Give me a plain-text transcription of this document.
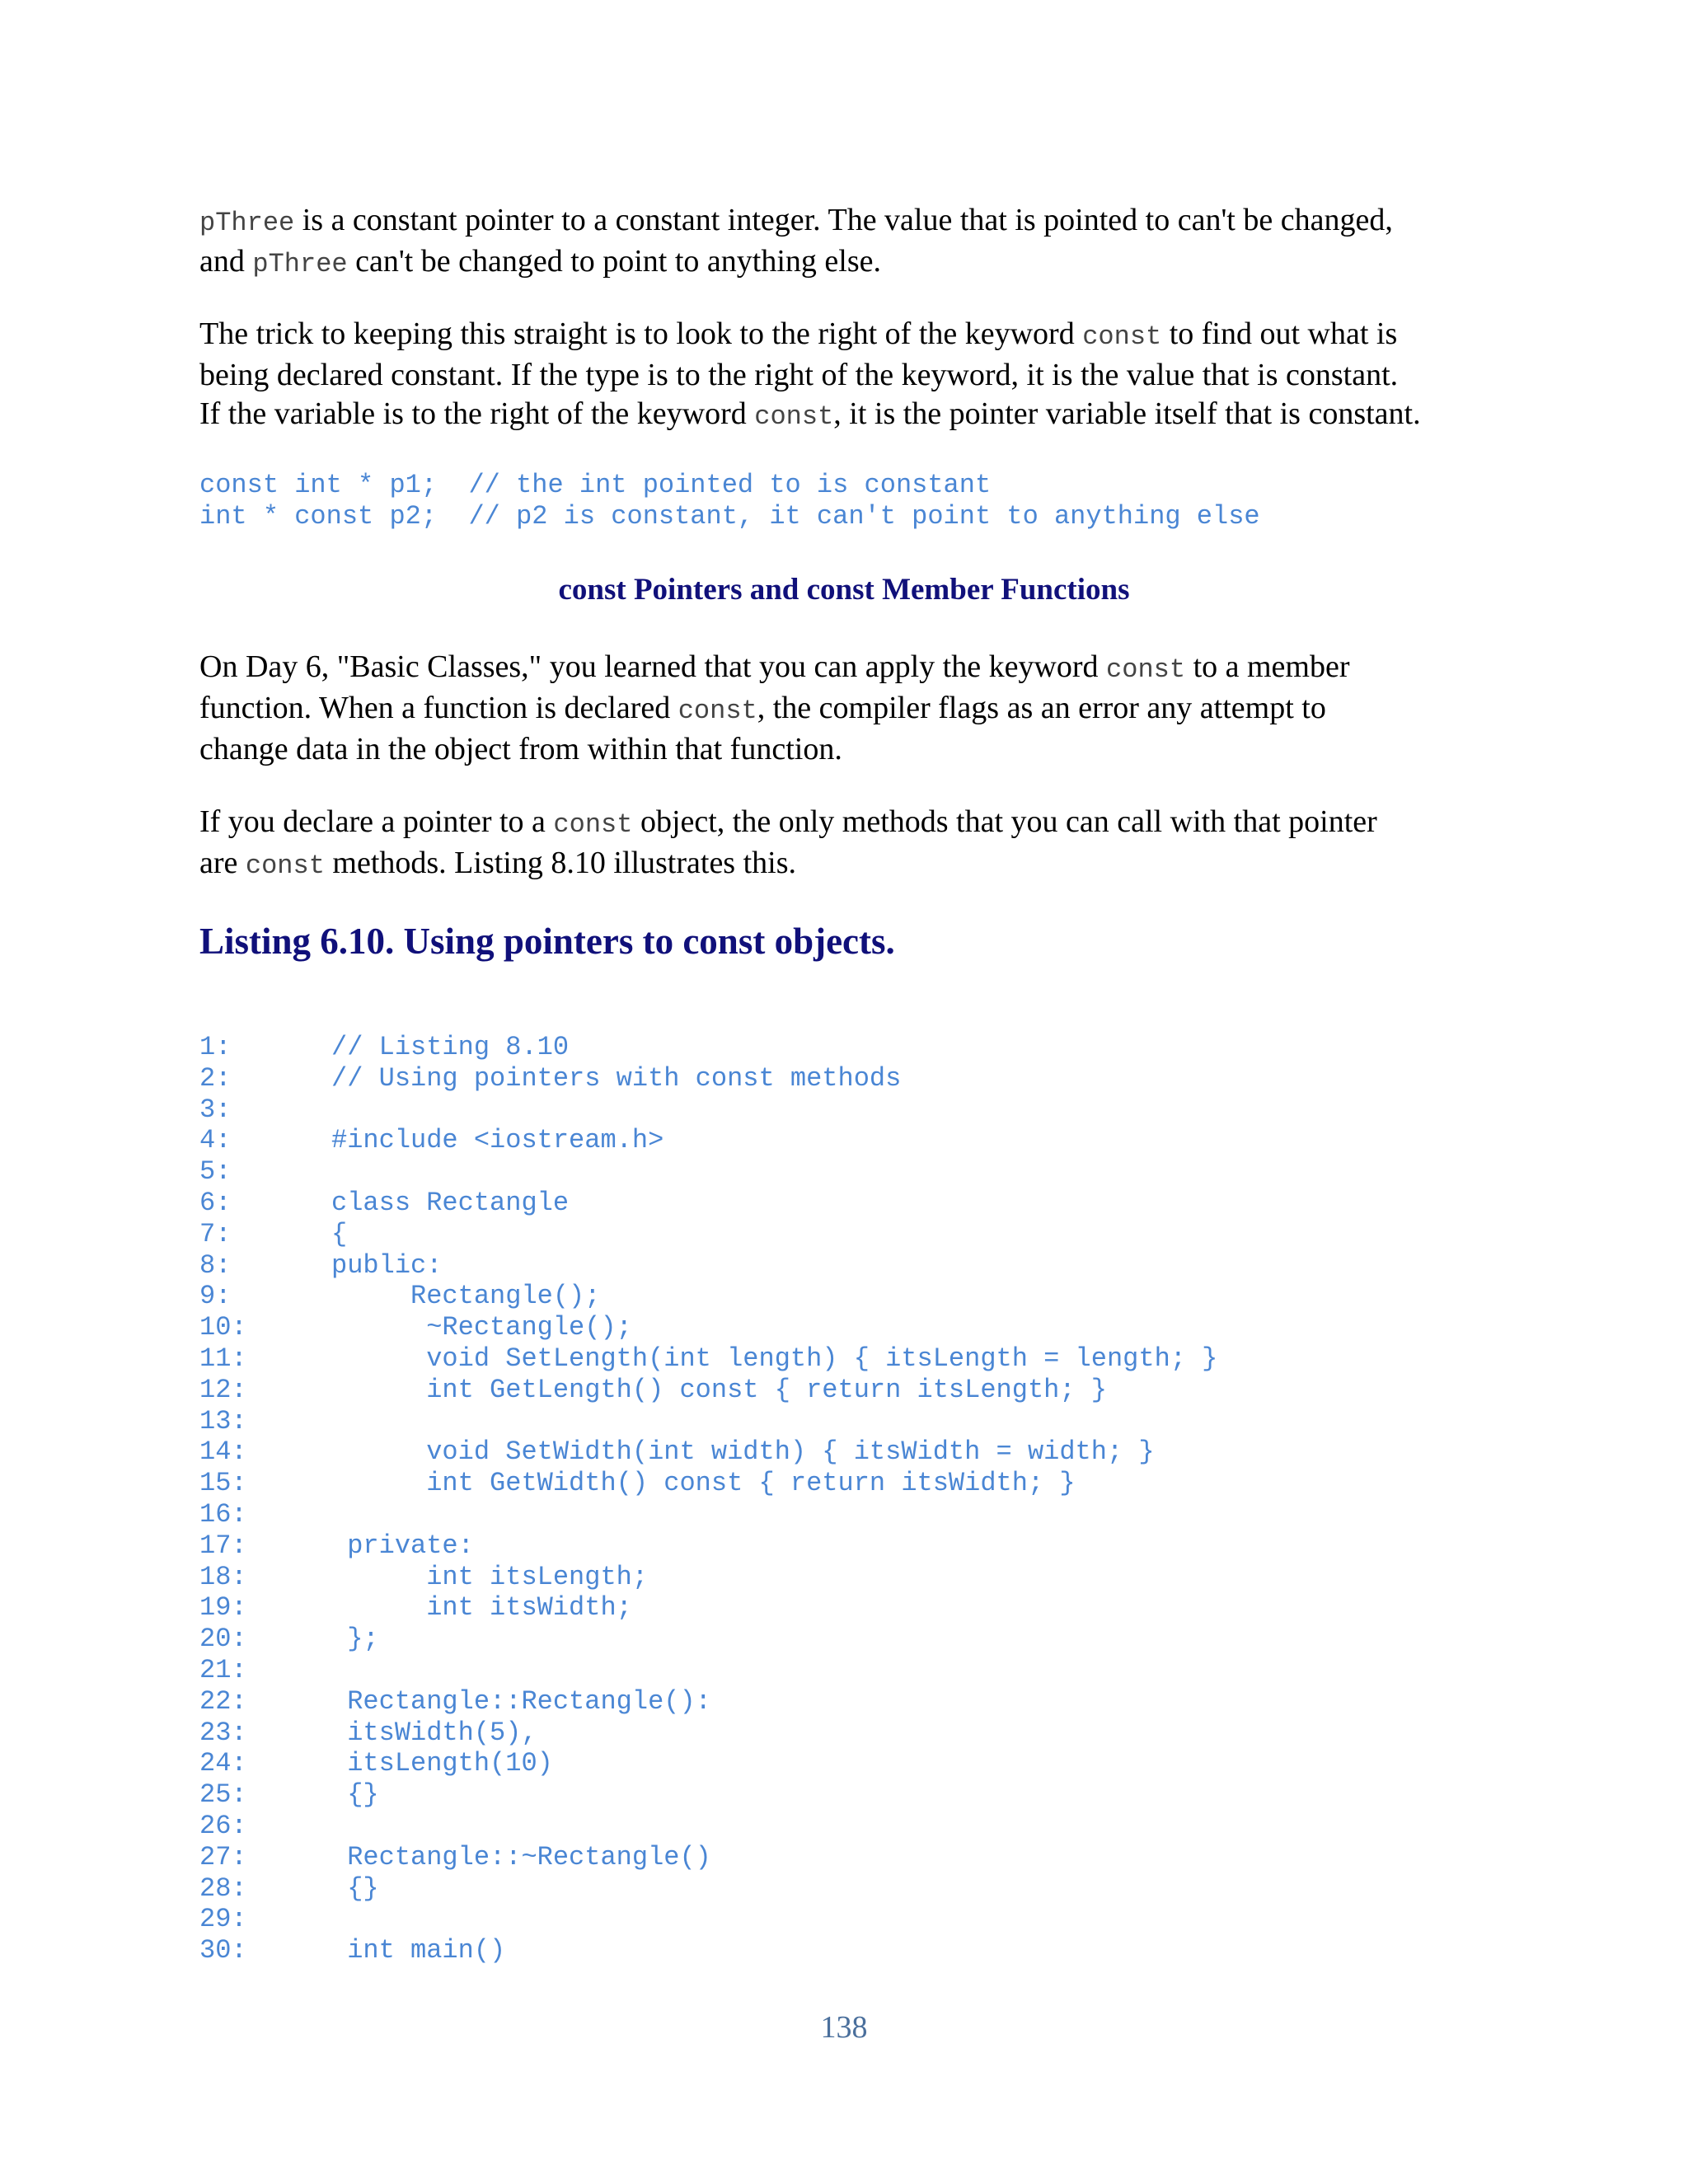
pThree is a constant pointer to a constant integer. The value that is pointed to can't be changed,
and pThree can't be changed to point to anything else.

The trick to keeping this straight is to look to the right of the keyword const to find out what is
being declared constant. If the type is to the right of the keyword, it is the value that is constant.
If the variable is to the right of the keyword const, it is the pointer variable itself that is constant.

const int * p1;  // the int pointed to is constant
int * const p2;  // p2 is constant, it can't point to anything else
const Pointers and const Member Functions

On Day 6, "Basic Classes," you learned that you can apply the keyword const to a member
function. When a function is declared const, the compiler flags as an error any attempt to
change data in the object from within that function.

If you declare a pointer to a const object, the only methods that you can call with that pointer
are const methods. Listing 8.10 illustrates this.

Listing 6.10. Using pointers to const objects.
1:	// Listing 8.10
2:	// Using pointers with const methods
3:
4:	#include <iostream.h>
5:
6:	class Rectangle
7:	{
8:	public:
9:	Rectangle();
10:	~Rectangle();
11:	void SetLength(int length) { itsLength = length; }
12:	int GetLength() const { return itsLength; }
13:
14:	void SetWidth(int width) { itsWidth = width; }
15:	int GetWidth() const { return itsWidth; }
16:
17:	private:
18:	int itsLength;
19:	int itsWidth;
20:	};
21:
22:	Rectangle::Rectangle():
23:	itsWidth(5),
24:	itsLength(10)
25:	{}
26:
27:	Rectangle::~Rectangle()
28:	{}
29:
30:	int main()
138
